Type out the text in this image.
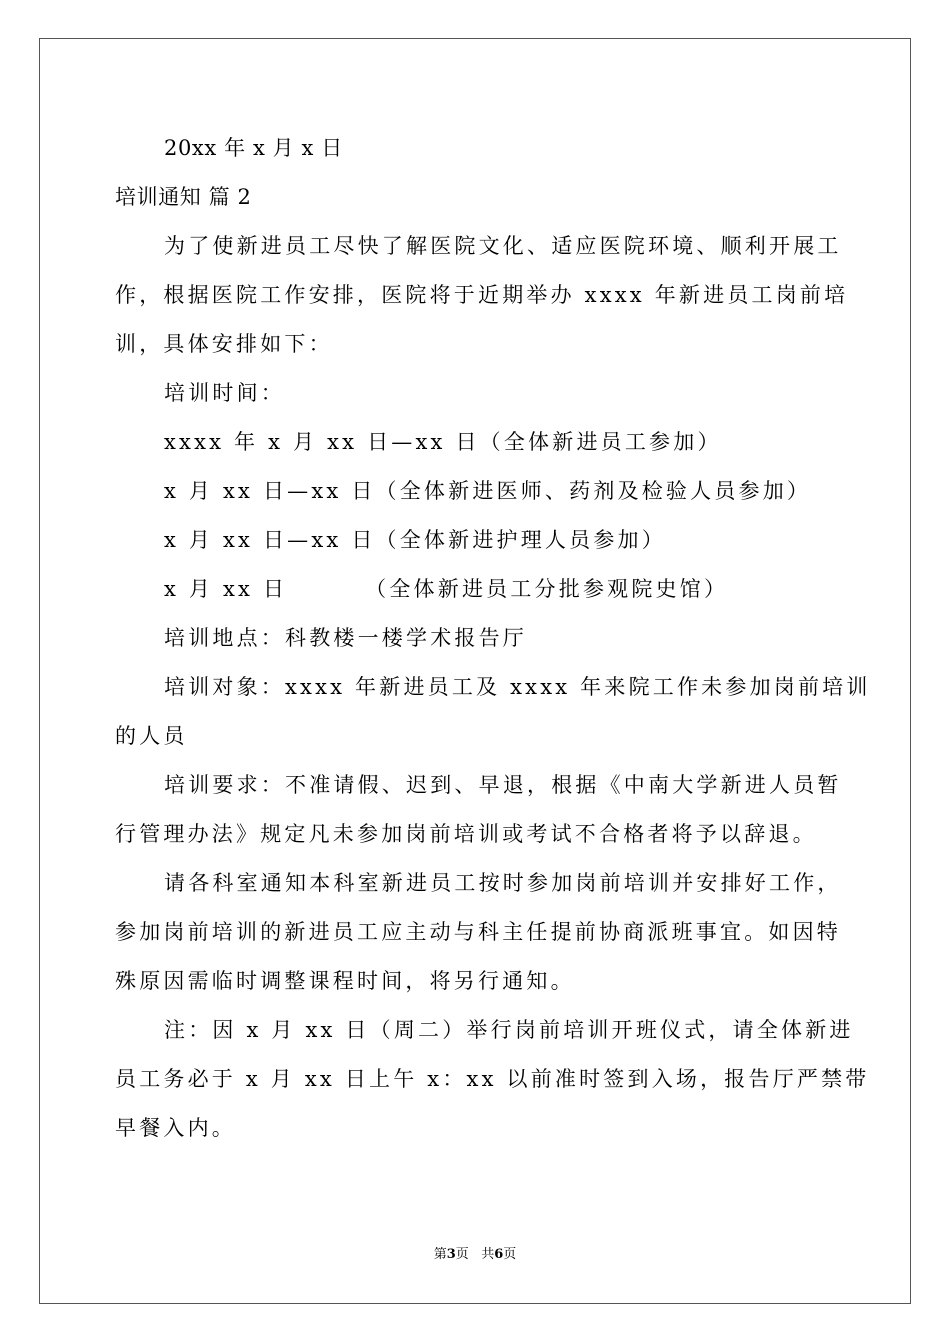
20xx 年 x 月 x 日
培训通知 篇 2
为了使新进员工尽快了解医院文化、适应医院环境、顺利开展工
作，根据医院工作安排，医院将于近期举办 xxxx 年新进员工岗前培
训，具体安排如下：
培训时间：
xxxx 年 x 月 xx 日—xx 日（全体新进员工参加）
x 月 xx 日—xx 日（全体新进医师、药剂及检验人员参加）
x 月 xx 日—xx 日（全体新进护理人员参加）
x 月 xx 日	（全体新进员工分批参观院史馆）
培训地点：科教楼一楼学术报告厅
培训对象：xxxx 年新进员工及 xxxx 年来院工作未参加岗前培训
的人员
培训要求：不准请假、迟到、早退，根据《中南大学新进人员暂
行管理办法》规定凡未参加岗前培训或考试不合格者将予以辞退。
请各科室通知本科室新进员工按时参加岗前培训并安排好工作，
参加岗前培训的新进员工应主动与科主任提前协商派班事宜。如因特
殊原因需临时调整课程时间，将另行通知。
注：因 x 月 xx 日（周二）举行岗前培训开班仪式，请全体新进
员工务必于 x 月 xx 日上午 x：xx 以前准时签到入场，报告厅严禁带
早餐入内。
第3页 共6页
